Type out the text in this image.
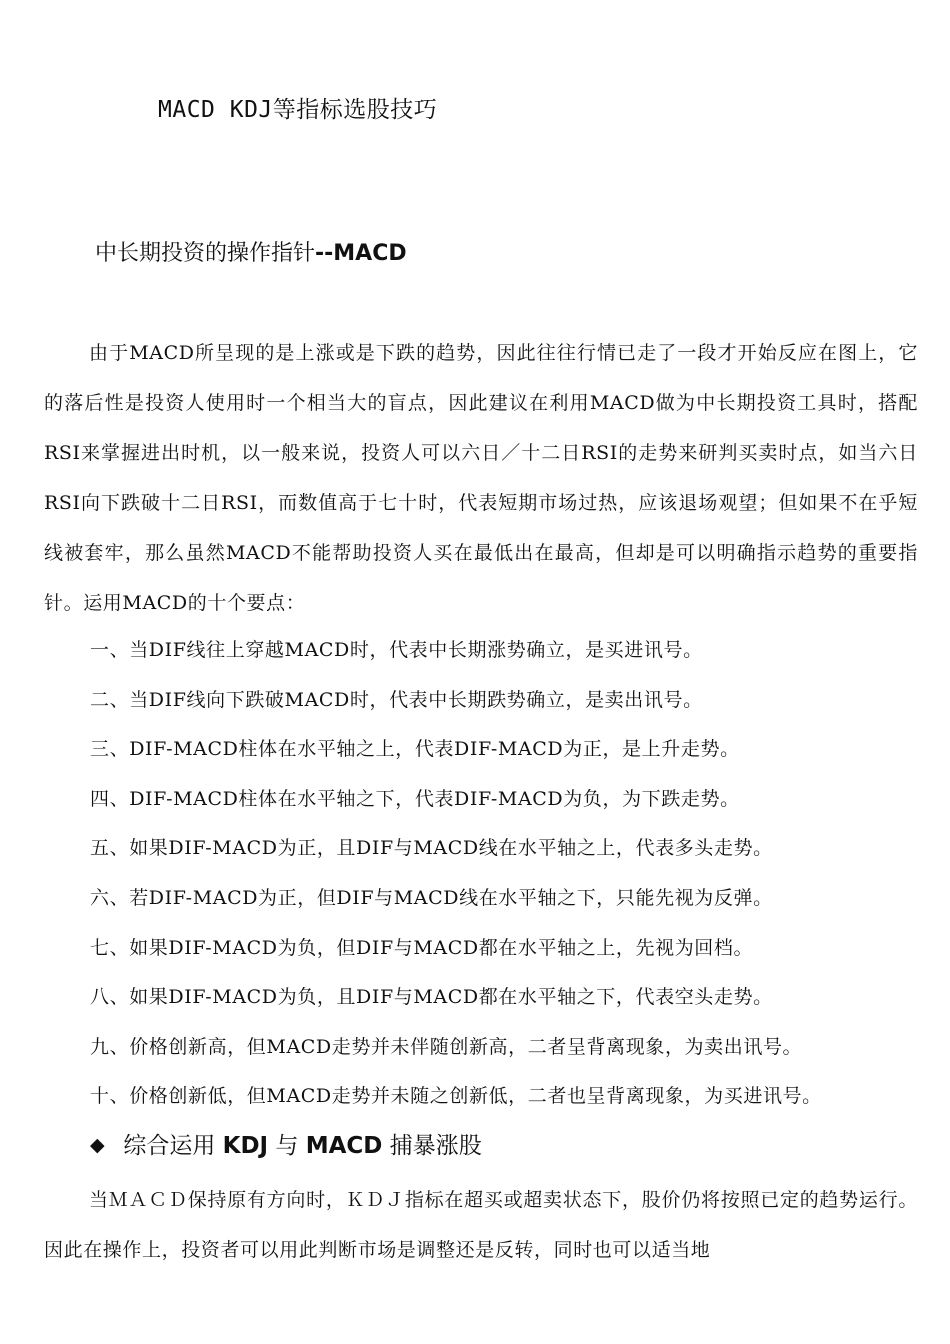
MACD KDJ等指标选股技巧
中长期投资的操作指针--MACD
由于MACD所呈现的是上涨或是下跌的趋势，因此往往行情已走了一段才开始反应在图上，它的落后性是投资人使用时一个相当大的盲点，因此建议在利用MACD做为中长期投资工具时，搭配RSI来掌握进出时机，以一般来说，投资人可以六日／十二日RSI的走势来研判买卖时点，如当六日RSI向下跌破十二日RSI，而数值高于七十时，代表短期市场过热，应该退场观望；但如果不在乎短线被套牢，那么虽然MACD不能帮助投资人买在最低出在最高，但却是可以明确指示趋势的重要指针。运用MACD的十个要点：
一、当DIF线往上穿越MACD时，代表中长期涨势确立，是买进讯号。
二、当DIF线向下跌破MACD时，代表中长期跌势确立，是卖出讯号。
三、DIF-MACD柱体在水平轴之上，代表DIF-MACD为正，是上升走势。
四、DIF-MACD柱体在水平轴之下，代表DIF-MACD为负，为下跌走势。
五、如果DIF-MACD为正，且DIF与MACD线在水平轴之上，代表多头走势。
六、若DIF-MACD为正，但DIF与MACD线在水平轴之下，只能先视为反弹。
七、如果DIF-MACD为负，但DIF与MACD都在水平轴之上，先视为回档。
八、如果DIF-MACD为负，且DIF与MACD都在水平轴之下，代表空头走势。
九、价格创新高，但MACD走势并未伴随创新高，二者呈背离现象，为卖出讯号。
十、价格创新低，但MACD走势并未随之创新低，二者也呈背离现象，为买进讯号。
◆ 综合运用 KDJ 与 MACD 捕暴涨股
当ＭＡＣＤ保持原有方向时，ＫＤＪ指标在超买或超卖状态下，股价仍将按照已定的趋势运行。因此在操作上，投资者可以用此判断市场是调整还是反转，同时也可以适当地
